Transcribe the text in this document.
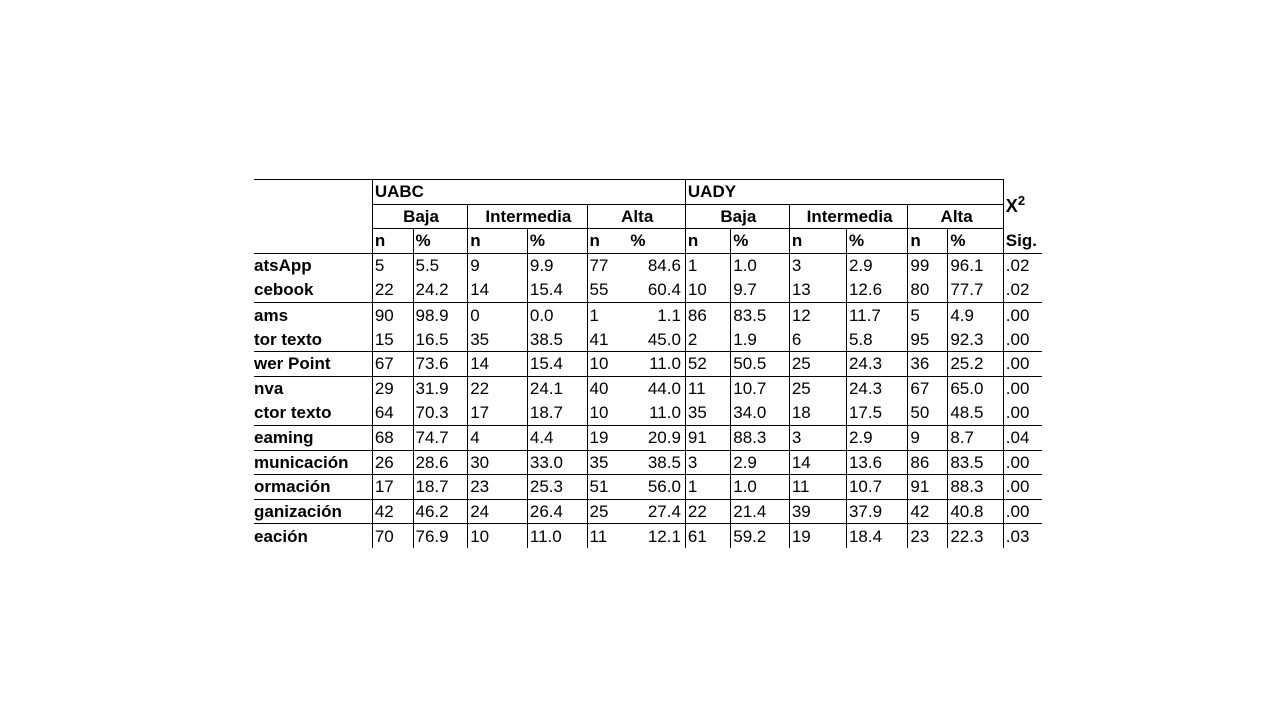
	UABC						UADY						$X^2$
	Baja		Intermedia		Alta		Baja		Intermedia		Alta		
	n	%	n	%	n	%	n	%	n	%	n	%	Sig.
atsApp	5	5.5	9	9.9	77	84.6	1	1.0	3	2.9	99	96.1	.02
cebook	22	24.2	14	15.4	55	60.4	10	9.7	13	12.6	80	77.7	.02
ams	90	98.9	0	0.0	1	1.1	86	83.5	12	11.7	5	4.9	.00
tor texto	15	16.5	35	38.5	41	45.0	2	1.9	6	5.8	95	92.3	.00
wer Point	67	73.6	14	15.4	10	11.0	52	50.5	25	24.3	36	25.2	.00
nva	29	31.9	22	24.1	40	44.0	11	10.7	25	24.3	67	65.0	.00
ctor texto	64	70.3	17	18.7	10	11.0	35	34.0	18	17.5	50	48.5	.00
eaming	68	74.7	4	4.4	19	20.9	91	88.3	3	2.9	9	8.7	.04
municación	26	28.6	30	33.0	35	38.5	3	2.9	14	13.6	86	83.5	.00
ormación	17	18.7	23	25.3	51	56.0	1	1.0	11	10.7	91	88.3	.00
ganización	42	46.2	24	26.4	25	27.4	22	21.4	39	37.9	42	40.8	.00
eación	70	76.9	10	11.0	11	12.1	61	59.2	19	18.4	23	22.3	.03
